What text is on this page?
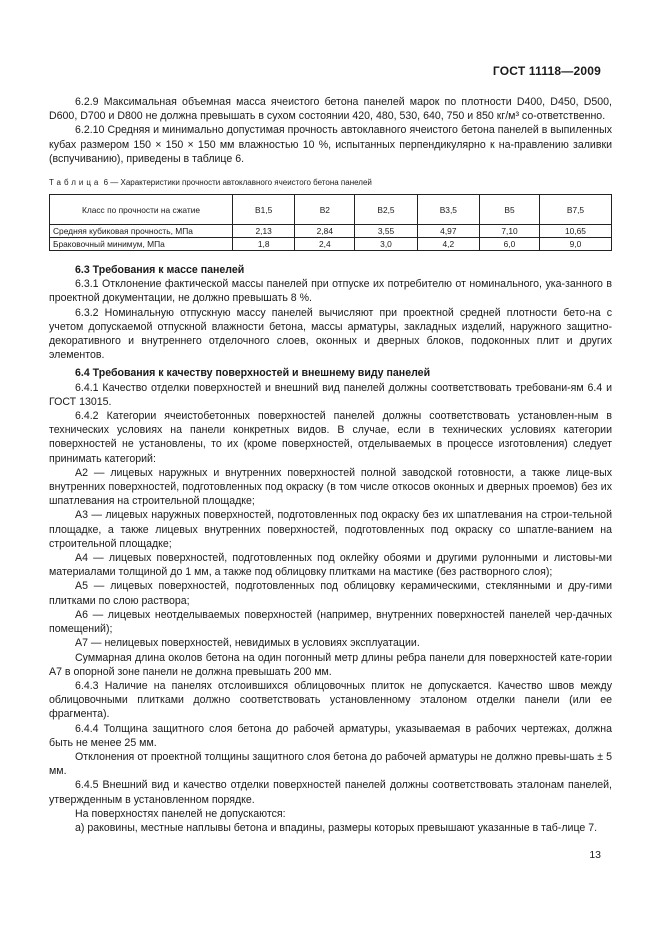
ГОСТ 11118—2009

6.2.9 Максимальная объемная масса ячеистого бетона панелей марок по плотности D400, D450, D500, D600, D700 и D800 не должна превышать в сухом состоянии 420, 480, 530, 640, 750 и 850 кг/м³ со-ответственно.

6.2.10 Средняя и минимально допустимая прочность автоклавного ячеистого бетона панелей в выпиленных кубах размером 150 × 150 × 150 мм влажностью 10 %, испытанных перпендикулярно к на-правлению заливки (вспучиванию), приведены в таблице 6.

Таблица 6 — Характеристики прочности автоклавного ячеистого бетона панелей
Класс по прочности на сжатие	В1,5	В2	В2,5	В3,5	В5	В7,5
Средняя кубиковая прочность, МПа	2,13	2,84	3,55	4,97	7,10	10,65
Браковочный минимум, МПа	1,8	2,4	3,0	4,2	6,0	9,0

6.3 Требования к массе панелей

6.3.1 Отклонение фактической массы панелей при отпуске их потребителю от номинального, ука-занного в проектной документации, не должно превышать 8 %.

6.3.2 Номинальную отпускную массу панелей вычисляют при проектной средней плотности бето-на с учетом допускаемой отпускной влажности бетона, массы арматуры, закладных изделий, наружного защитно-декоративного и внутреннего отделочного слоев, оконных и дверных блоков, подоконных плит и других элементов.

6.4 Требования к качеству поверхностей и внешнему виду панелей

6.4.1 Качество отделки поверхностей и внешний вид панелей должны соответствовать требовани-ям 6.4 и ГОСТ 13015.

6.4.2 Категории ячеистобетонных поверхностей панелей должны соответствовать установлен-ным в технических условиях на панели конкретных видов. В случае, если в технических условиях категории поверхностей не установлены, то их (кроме поверхностей, отделываемых в процессе изготовления) следует принимать категорий:

А2 — лицевых наружных и внутренних поверхностей полной заводской готовности, а также лице-вых внутренних поверхностей, подготовленных под окраску (в том числе откосов оконных и дверных проемов) без их шпатлевания на строительной площадке;

А3 — лицевых наружных поверхностей, подготовленных под окраску без их шпатлевания на строи-тельной площадке, а также лицевых внутренних поверхностей, подготовленных под окраску со шпатле-ванием на строительной площадке;

А4 — лицевых поверхностей, подготовленных под оклейку обоями и другими рулонными и листовы-ми материалами толщиной до 1 мм, а также под облицовку плитками на мастике (без растворного слоя);

А5 — лицевых поверхностей, подготовленных под облицовку керамическими, стеклянными и дру-гими плитками по слою раствора;

А6 — лицевых неотделываемых поверхностей (например, внутренних поверхностей панелей чер-дачных помещений);

А7 — нелицевых поверхностей, невидимых в условиях эксплуатации.

Суммарная длина околов бетона на один погонный метр длины ребра панели для поверхностей кате-гории А7 в опорной зоне панели не должна превышать 200 мм.

6.4.3 Наличие на панелях отслоившихся облицовочных плиток не допускается. Качество швов между облицовочными плитками должно соответствовать установленному эталоном отделки панели (или ее фрагмента).

6.4.4 Толщина защитного слоя бетона до рабочей арматуры, указываемая в рабочих чертежах, должна быть не менее 25 мм.

Отклонения от проектной толщины защитного слоя бетона до рабочей арматуры не должно превы-шать ± 5 мм.

6.4.5 Внешний вид и качество отделки поверхностей панелей должны соответствовать эталонам панелей, утвержденным в установленном порядке.

На поверхностях панелей не допускаются:

а) раковины, местные наплывы бетона и впадины, размеры которых превышают указанные в таб-лице 7.

13
